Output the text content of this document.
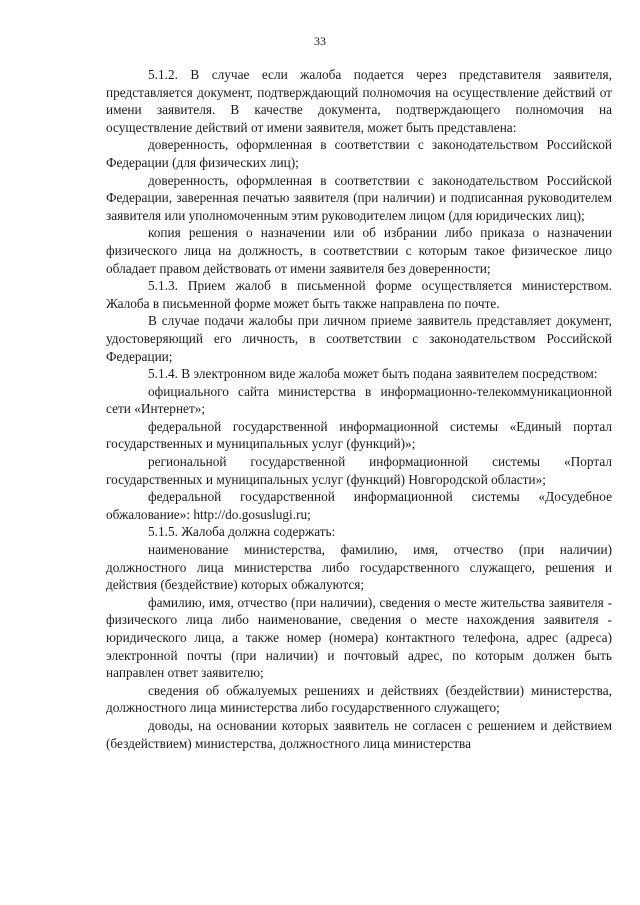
33

5.1.2. В случае если жалоба подается через представителя заявителя, представляется документ, подтверждающий полномочия на осуществление действий от имени заявителя. В качестве документа, подтверждающего полномочия на осуществление действий от имени заявителя, может быть представлена:

доверенность, оформленная в соответствии с законодательством Российской Федерации (для физических лиц);

доверенность, оформленная в соответствии с законодательством Российской Федерации, заверенная печатью заявителя (при наличии) и подписанная руководителем заявителя или уполномоченным этим руководителем лицом (для юридических лиц);

копия решения о назначении или об избрании либо приказа о назначении физического лица на должность, в соответствии с которым такое физическое лицо обладает правом действовать от имени заявителя без доверенности;

5.1.3. Прием жалоб в письменной форме осуществляется министерством. Жалоба в письменной форме может быть также направлена по почте.

В случае подачи жалобы при личном приеме заявитель представляет документ, удостоверяющий его личность, в соответствии с законодательством Российской Федерации;

5.1.4. В электронном виде жалоба может быть подана заявителем посредством:

официального сайта министерства в информационно-телекоммуникационной сети «Интернет»;

федеральной государственной информационной системы «Единый портал государственных и муниципальных услуг (функций)»;

региональной государственной информационной системы «Портал государственных и муниципальных услуг (функций) Новгородской области»;

федеральной государственной информационной системы «Досудебное обжалование»: http://do.gosuslugi.ru;

5.1.5. Жалоба должна содержать:

наименование министерства, фамилию, имя, отчество (при наличии) должностного лица министерства либо государственного служащего, решения и действия (бездействие) которых обжалуются;

фамилию, имя, отчество (при наличии), сведения о месте жительства заявителя - физического лица либо наименование, сведения о месте нахождения заявителя - юридического лица, а также номер (номера) контактного телефона, адрес (адреса) электронной почты (при наличии) и почтовый адрес, по которым должен быть направлен ответ заявителю;

сведения об обжалуемых решениях и действиях (бездействии) министерства, должностного лица министерства либо государственного служащего;

доводы, на основании которых заявитель не согласен с решением и действием (бездействием) министерства, должностного лица министерства
